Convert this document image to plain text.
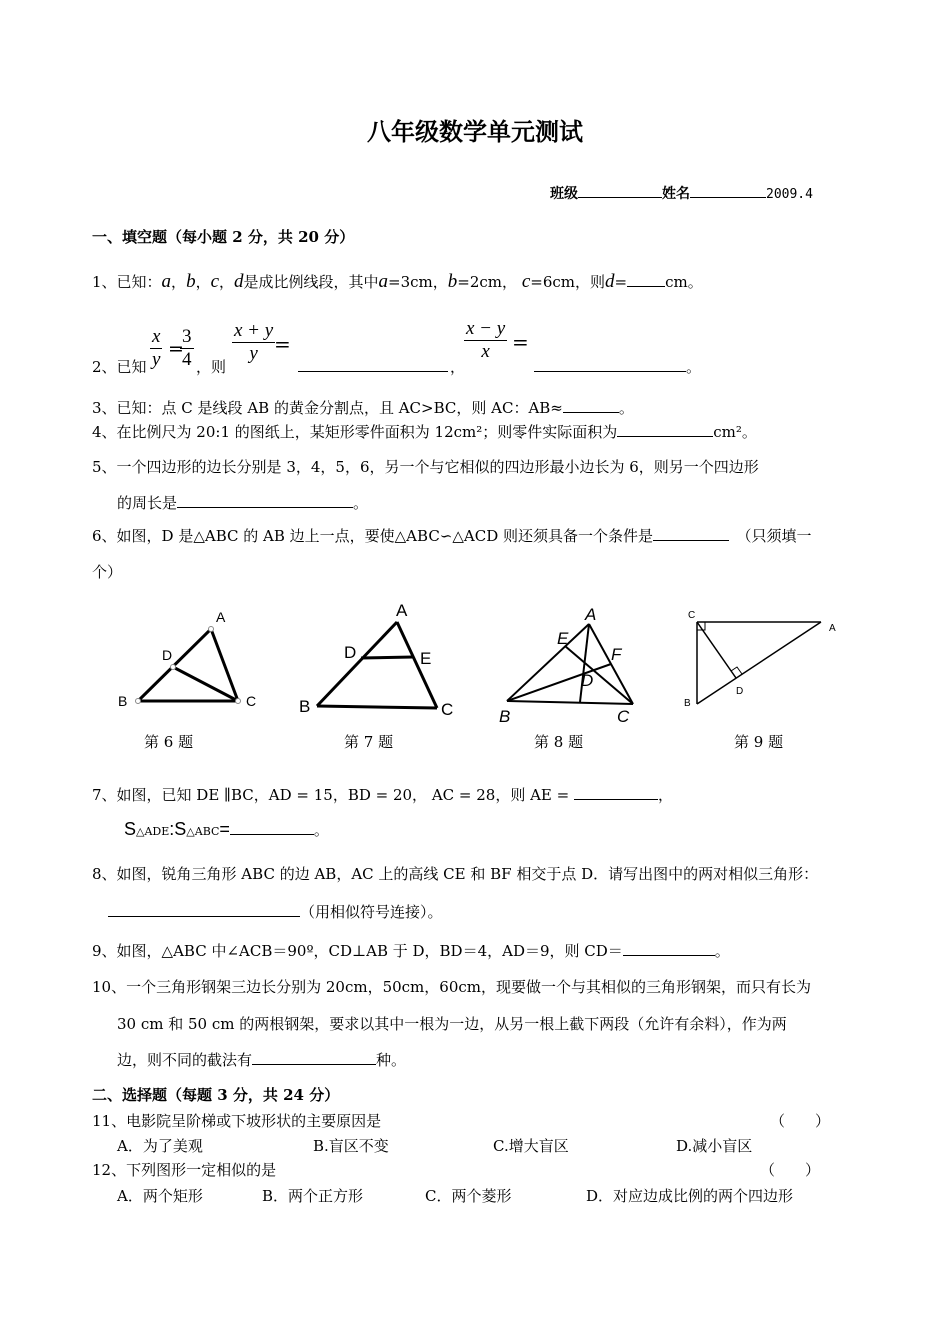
八年级数学单元测试
班级	姓名	2009.4
一、填空题（每小题 2 分，共 20 分）
1、已知：a，b，c，d是成比例线段，其中a=3cm，b=2cm， c=6cm，则d=	cm。
2、已知 $\frac{x}{y}$ =
$\frac{3}{4}$ ，则
$\frac{x + y}{y}$
=
，
$\frac{x - y}{x}$ =
。
3、已知：点 C 是线段 AB 的黄金分割点，且 AC>BC，则 AC：AB≈	。
4、在比例尺为 20:1 的图纸上，某矩形零件面积为 12cm²；则零件实际面积为	cm²。
5、一个四边形的边长分别是 3，4，5，6，另一个与它相似的四边形最小边长为 6，则另一个四边形
的周长是	。
6、如图，D 是△ABC 的 AB 边上一点，要使△ABC∽△ACD 则还须具备一个条件是　	（只须填一
个）
A
D
B	C
A
D	E
B	C
A
E
F
D
B	C
C
A
B
D
第 6 题	第 7 题	第 8 题	第 9 题
7、如图，已知 DE ∥BC，AD = 15，BD = 20， AC = 28，则 AE =	，
S△ADE:S△ABC=	。
8、如图，锐角三角形 ABC 的边 AB，AC 上的高线 CE 和 BF 相交于点 D．请写出图中的两对相似三角形：
（用相似符号连接）。
9、如图，△ABC 中∠ACB＝90º，CD⊥AB 于 D，BD＝4，AD＝9，则 CD＝	。
10、一个三角形钢架三边长分别为 20cm，50cm，60cm，现要做一个与其相似的三角形钢架，而只有长为
30 cm 和 50 cm 的两根钢架，要求以其中一根为一边，从另一根上截下两段（允许有余料），作为两
边，则不同的截法有	种。
二、选择题（每题 3 分，共 24 分）
11、电影院呈阶梯或下坡形状的主要原因是	（　　）
A．为了美观	B.盲区不变	C.增大盲区	D.减小盲区
12、下列图形一定相似的是	（　　）
A．两个矩形	B．两个正方形	C．两个菱形	D．对应边成比例的两个四边形
